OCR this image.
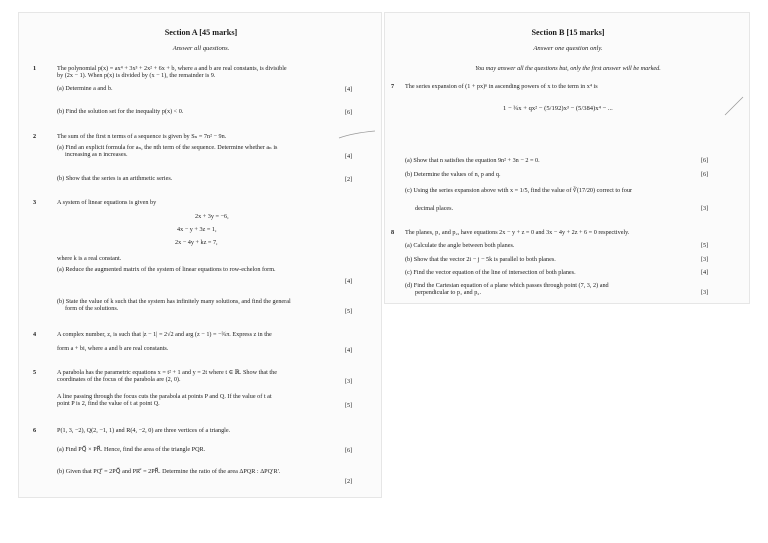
Section A [45 marks]
Answer all questions.
1	The polynomial p(x) = ax⁴ + 3x³ + 2x² + 6x + b, where a and b are real constants, is divisible
by (2x − 1). When p(x) is divided by (x − 1), the remainder is 9.
(a) Determine a and b.	[4]
(b) Find the solution set for the inequality p(x) < 0.	[6]
2	The sum of the first n terms of a sequence is given by Sₙ = 7n² − 9n.
(a) Find an explicit formula for aₙ, the nth term of the sequence. Determine whether aₙ is
increasing as n increases.	[4]
(b) Show that the series is an arithmetic series.	[2]
3	A system of linear equations is given by
2x + 3y = −6,
4x − y + 3z = 1,
2x − 4y + kz = 7,
where k is a real constant.
(a) Reduce the augmented matrix of the system of linear equations to row-echelon form.
[4]
(b) State the value of k such that the system has infinitely many solutions, and find the general
form of the solutions.	[5]
4	A complex number, z, is such that |z − 1| = 2√2 and arg (z − 1) = −¾π. Express z in the
form a + bi, where a and b are real constants.	[4]
5	A parabola has the parametric equations x = t² + 1 and y = 2t where t ∈ ℝ. Show that the
coordinates of the focus of the parabola are (2, 0).	[3]
A line passing through the focus cuts the parabola at points P and Q. If the value of t at
point P is 2, find the value of t at point Q.	[5]
6	P(1, 3, −2), Q(2, −1, 1) and R(4, −2, 0) are three vertices of a triangle.
(a) Find PQ⃗ × PR⃗. Hence, find the area of the triangle PQR.	[6]
(b) Given that PQ′⃗ = 2PQ⃗ and PR′⃗ = 2PR⃗. Determine the ratio of the area ΔPQR : ΔPQ′R′.
[2]
Section B [15 marks]
Answer one question only.
You may answer all the questions but, only the first answer will be marked.
7 The series expansion of (1 + px)ⁿ in ascending powers of x to the term in x⁴ is
1 − ¾x + qx² − (5/192)x³ − (5/384)x⁴ − ...
(a) Show that n satisfies the equation 9n² + 3n − 2 = 0.	[6]
(b) Determine the values of n, p and q.	[6]
(c) Using the series expansion above with x = 1/5, find the value of ∛(17/20) correct to four
decimal places.	[3]
8 The planes, p₁ and p₂, have equations 2x − y + z = 0 and 3x − 4y + 2z + 6 = 0 respectively.
(a) Calculate the angle between both planes.	[5]
(b) Show that the vector 2i − j − 5k is parallel to both planes.	[3]
(c) Find the vector equation of the line of intersection of both planes.	[4]
(d) Find the Cartesian equation of a plane which passes through point (7, 3, 2) and
perpendicular to p₁ and p₂.	[3]
